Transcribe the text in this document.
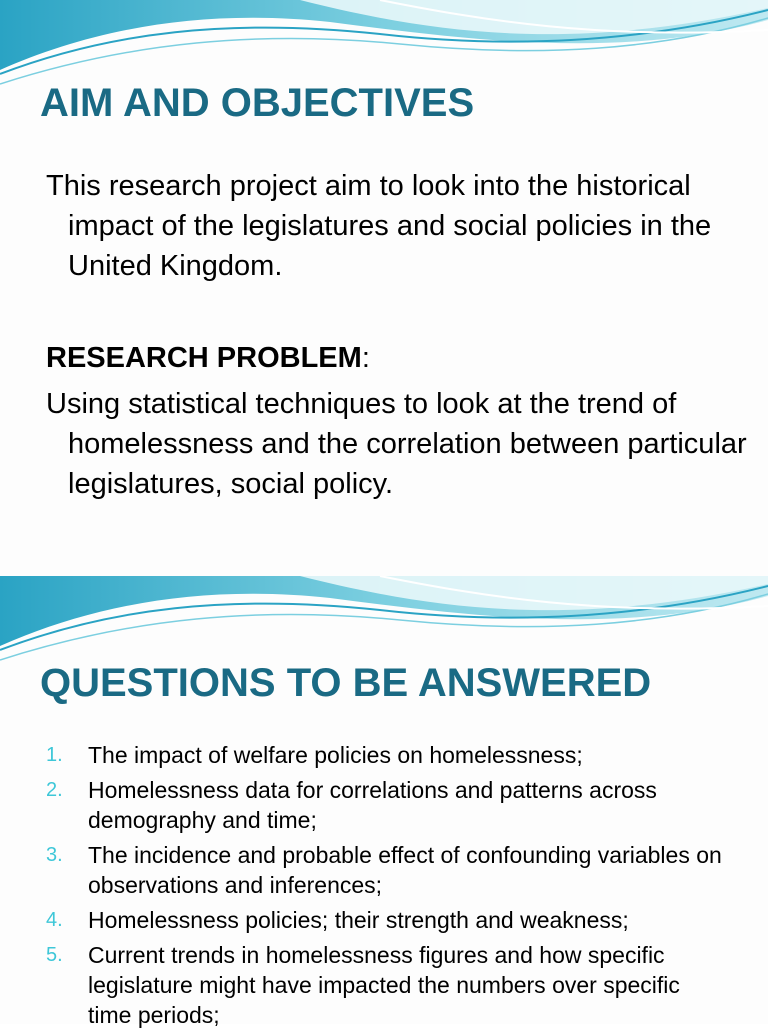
AIM AND OBJECTIVES

This research project aim to look into the historical impact of the legislatures and social policies in the United Kingdom.

RESEARCH PROBLEM:

Using statistical techniques to look at the trend of homelessness and the correlation between particular legislatures, social policy.

QUESTIONS TO BE ANSWERED
1. The impact of welfare policies on homelessness;
2. Homelessness data for correlations and patterns across demography and time;
3. The incidence and probable effect of confounding variables on observations and inferences;
4. Homelessness policies; their strength and weakness;
5. Current trends in homelessness figures and how specific legislature might have impacted the numbers over specific time periods;
